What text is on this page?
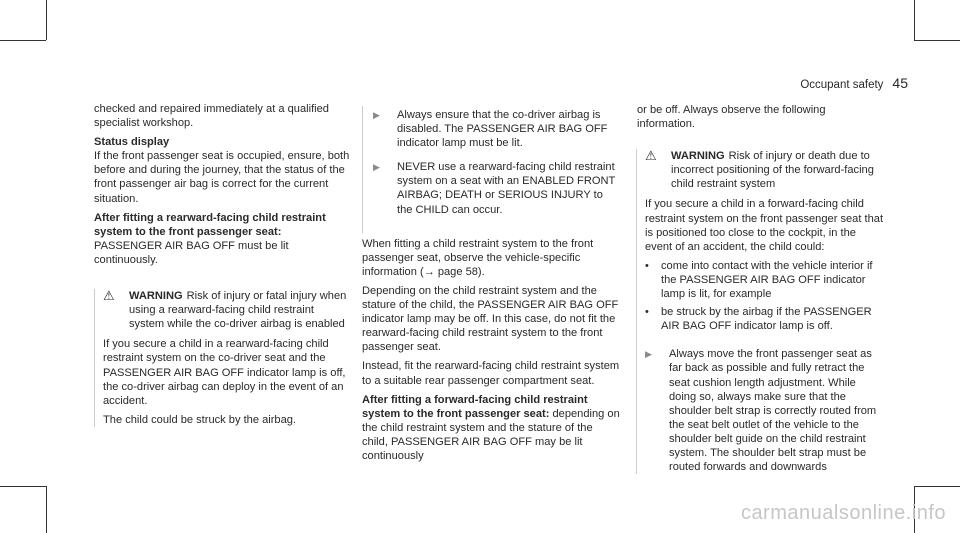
Occupant safety 45

checked and repaired immediately at a qualified specialist workshop.

Status display

If the front passenger seat is occupied, ensure, both before and during the journey, that the status of the front passenger air bag is correct for the current situation.

After fitting a rearward-facing child restraint system to the front passenger seat: PASSENGER AIR BAG OFF must be lit continuously.

⚠	WARNING Risk of injury or fatal injury when using a rearward-facing child restraint system while the co-driver airbag is enabled

If you secure a child in a rearward-facing child restraint system on the co-driver seat and the PASSENGER AIR BAG OFF indicator lamp is off, the co-driver airbag can deploy in the event of an accident.

The child could be struck by the airbag.

▶	Always ensure that the co-driver airbag is disabled. The PASSENGER AIR BAG OFF indicator lamp must be lit.
▶	NEVER use a rearward-facing child restraint system on a seat with an ENABLED FRONT AIRBAG; DEATH or SERIOUS INJURY to the CHILD can occur.

When fitting a child restraint system to the front passenger seat, observe the vehicle-specific information (→ page 58).

Depending on the child restraint system and the stature of the child, the PASSENGER AIR BAG OFF indicator lamp may be off. In this case, do not fit the rearward-facing child restraint system to the front passenger seat.

Instead, fit the rearward-facing child restraint system to a suitable rear passenger compartment seat.

After fitting a forward-facing child restraint system to the front passenger seat: depending on the child restraint system and the stature of the child, PASSENGER AIR BAG OFF may be lit continuously

or be off. Always observe the following information.

⚠	WARNING Risk of injury or death due to incorrect positioning of the forward-facing child restraint system

If you secure a child in a forward-facing child restraint system on the front passenger seat that is positioned too close to the cockpit, in the event of an accident, the child could:

•	come into contact with the vehicle interior if the PASSENGER AIR BAG OFF indicator lamp is lit, for example
•	be struck by the airbag if the PASSENGER AIR BAG OFF indicator lamp is off.
▶	Always move the front passenger seat as far back as possible and fully retract the seat cushion length adjustment. While doing so, always make sure that the shoulder belt strap is correctly routed from the seat belt outlet of the vehicle to the shoulder belt guide on the child restraint system. The shoulder belt strap must be routed forwards and downwards
carmanualsonline.info
